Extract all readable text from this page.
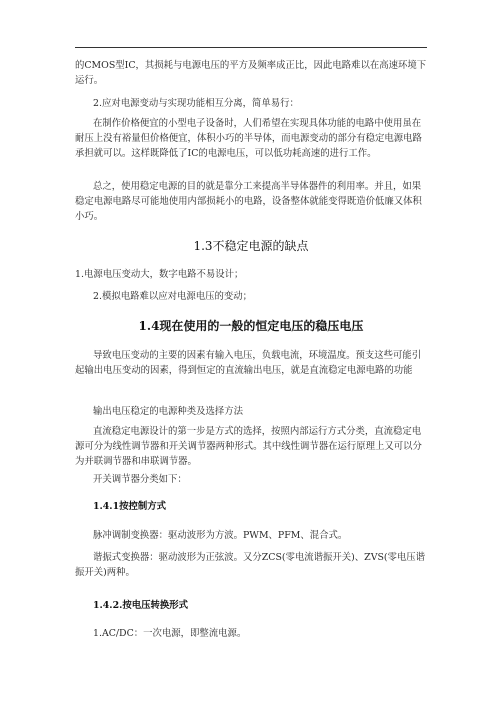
的CMOS型IC，其损耗与电源电压的平方及频率成正比，因此电路难以在高速环境下运行。
2.应对电源变动与实现功能相互分离，简单易行：
在制作价格便宜的小型电子设备时，人们希望在实现具体功能的电路中使用虽在耐压上没有裕量但价格便宜，体积小巧的半导体，而电源变动的部分有稳定电源电路承担就可以。这样既降低了IC的电源电压，可以低功耗高速的进行工作。
总之，使用稳定电源的目的就是靠分工来提高半导体器件的利用率。并且，如果稳定电源电路尽可能地使用内部损耗小的电路，设备整体就能变得既造价低廉又体积小巧。
1.3不稳定电源的缺点
1.电源电压变动大，数字电路不易设计；
2.模拟电路难以应对电源电压的变动；
1.4现在使用的一般的恒定电压的稳压电压
导致电压变动的主要的因素有输入电压，负载电流，环境温度。预支这些可能引起输出电压变动的因素，得到恒定的直流输出电压，就是直流稳定电源电路的功能
输出电压稳定的电源种类及选择方法
直流稳定电源设计的第一步是方式的选择，按照内部运行方式分类，直流稳定电源可分为线性调节器和开关调节器两种形式。其中线性调节器在运行原理上又可以分为并联调节器和串联调节器。
开关调节器分类如下：
1.4.1按控制方式
脉冲调制变换器：驱动波形为方波。PWM、PFM、混合式。
谐振式变换器：驱动波形为正弦波。又分ZCS(零电流谐振开关)、ZVS(零电压谐振开关)两种。
1.4.2.按电压转换形式
1.AC/DC：一次电源，即整流电源。
